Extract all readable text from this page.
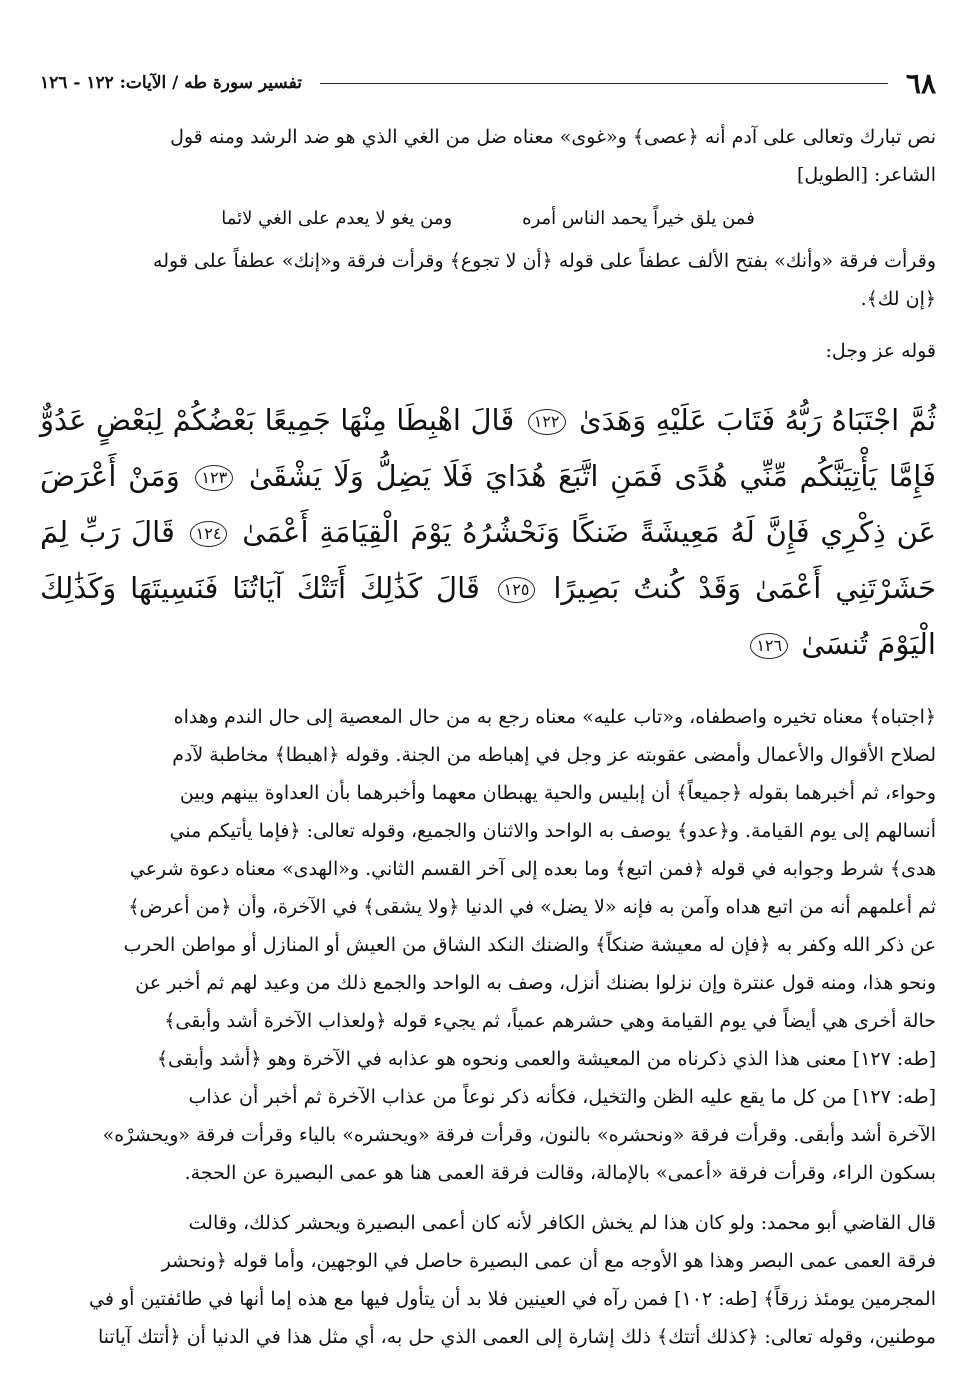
٦٨
تفسير سورة طه / الآيات: ١٢٢ - ١٢٦

نص تبارك وتعالى على آدم أنه ﴿عصى﴾ و«غوى» معناه ضل من الغي الذي هو ضد الرشد ومنه قول

الشاعر: [الطويل]

فمن يلق خيراً يحمد الناس أمره
ومن يغو لا يعدم على الغي لائما

وقرأت فرقة «وأنك» بفتح الألف عطفاً على قوله ﴿أن لا تجوع﴾ وقرأت فرقة و«إنك» عطفاً على قوله

﴿إن لك﴾.

قوله عز وجل:

ثُمَّ اجْتَبَاهُ رَبُّهُ فَتَابَ عَلَيْهِ وَهَدَىٰ ١٢٢ قَالَ اهْبِطَا مِنْهَا جَمِيعًا بَعْضُكُمْ لِبَعْضٍ عَدُوٌّ فَإِمَّا يَأْتِيَنَّكُم مِّنِّي هُدًى فَمَنِ اتَّبَعَ هُدَايَ فَلَا يَضِلُّ وَلَا يَشْقَىٰ ١٢٣ وَمَنْ أَعْرَضَ عَن ذِكْرِي فَإِنَّ لَهُ مَعِيشَةً ضَنكًا وَنَحْشُرُهُ يَوْمَ الْقِيَامَةِ أَعْمَىٰ ١٢٤ قَالَ رَبِّ لِمَ حَشَرْتَنِي أَعْمَىٰ وَقَدْ كُنتُ بَصِيرًا ١٢٥ قَالَ كَذَٰلِكَ أَتَتْكَ آيَاتُنَا فَنَسِيتَهَا وَكَذَٰلِكَ الْيَوْمَ تُنسَىٰ ١٢٦

﴿اجتباه﴾ معناه تخيره واصطفاه، و«تاب عليه» معناه رجع به من حال المعصية إلى حال الندم وهداه

لصلاح الأقوال والأعمال وأمضى عقوبته عز وجل في إهباطه من الجنة. وقوله ﴿اهبطا﴾ مخاطبة لآدم

وحواء، ثم أخبرهما بقوله ﴿جميعاً﴾ أن إبليس والحية يهبطان معهما وأخبرهما بأن العداوة بينهم وبين

أنسالهم إلى يوم القيامة. و﴿عدو﴾ يوصف به الواحد والاثنان والجميع، وقوله تعالى: ﴿فإما يأتيكم مني

هدى﴾ شرط وجوابه في قوله ﴿فمن اتبع﴾ وما بعده إلى آخر القسم الثاني. و«الهدى» معناه دعوة شرعي

ثم أعلمهم أنه من اتبع هداه وآمن به فإنه «لا يضل» في الدنيا ﴿ولا يشقى﴾ في الآخرة، وأن ﴿من أعرض﴾

عن ذكر الله وكفر به ﴿فإن له معيشة ضنكاً﴾ والضنك النكد الشاق من العيش أو المنازل أو مواطن الحرب

ونحو هذا، ومنه قول عنترة وإن نزلوا بضنك أنزل، وصف به الواحد والجمع ذلك من وعيد لهم ثم أخبر عن

حالة أخرى هي أيضاً في يوم القيامة وهي حشرهم عمياً، ثم يجيء قوله ﴿ولعذاب الآخرة أشد وأبقى﴾

[طه: ١٢٧] معنى هذا الذي ذكرناه من المعيشة والعمى ونحوه هو عذابه في الآخرة وهو ﴿أشد وأبقى﴾

[طه: ١٢٧] من كل ما يقع عليه الظن والتخيل، فكأنه ذكر نوعاً من عذاب الآخرة ثم أخبر أن عذاب

الآخرة أشد وأبقى. وقرأت فرقة «ونحشره» بالنون، وقرأت فرقة «ويحشره» بالياء وقرأت فرقة «ويحشرْه»

بسكون الراء، وقرأت فرقة «أعمى» بالإمالة، وقالت فرقة العمى هنا هو عمى البصيرة عن الحجة.

قال القاضي أبو محمد: ولو كان هذا لم يخش الكافر لأنه كان أعمى البصيرة ويحشر كذلك، وقالت

فرقة العمى عمى البصر وهذا هو الأوجه مع أن عمى البصيرة حاصل في الوجهين، وأما قوله ﴿ونحشر

المجرمين يومئذ زرقاً﴾ [طه: ١٠٢] فمن رآه في العينين فلا بد أن يتأول فيها مع هذه إما أنها في طائفتين أو في

موطنين، وقوله تعالى: ﴿كذلك أتتك﴾ ذلك إشارة إلى العمى الذي حل به، أي مثل هذا في الدنيا أن ﴿أتتك آياتنا
